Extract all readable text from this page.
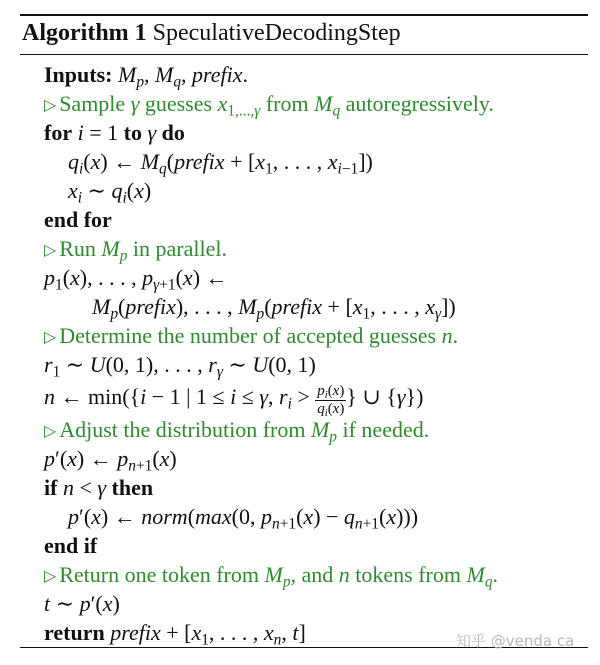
Algorithm 1 SpeculativeDecodingStep
Inputs: $M_p$, $M_q$, prefix.
▷ Sample γ guesses $x_{1,...,\gamma}$ from $M_q$ autoregressively.
for i = 1 to γ do
$q_i(x)$ ← $M_q(prefix + [x_1$, . . . , $x_{i-1}$])
$x_i$ ∼ $q_i(x)$
end for
▷ Run $M_p$ in parallel.
$p_1(x)$, . . . , $p_{\gamma+1}(x)$ ←
$M_p(prefix)$, . . . , $M_p(prefix + [x_1$, . . . , $x_\gamma$])
▷ Determine the number of accepted guesses n.
$r_1$ ∼ U(0, 1), . . . , $r_\gamma$ ∼ U(0, 1)
n ← min({i − 1 | 1 ≤ i ≤ γ, $r_i > \frac{p_i(x)}{q_i(x)}$ } ∪ {γ})
▷ Adjust the distribution from $M_p$ if needed.
p′(x) ← $p_{n+1}(x)$
if n < γ then
p′(x) ← norm(max(0, $p_{n+1}(x) - q_{n+1}(x)$))
end if
▷ Return one token from $M_p$, and n tokens from $M_q$.
t ∼ p′(x)
return prefix + [$x_1$, . . . , $x_n$, t]	知乎 @venda ca
